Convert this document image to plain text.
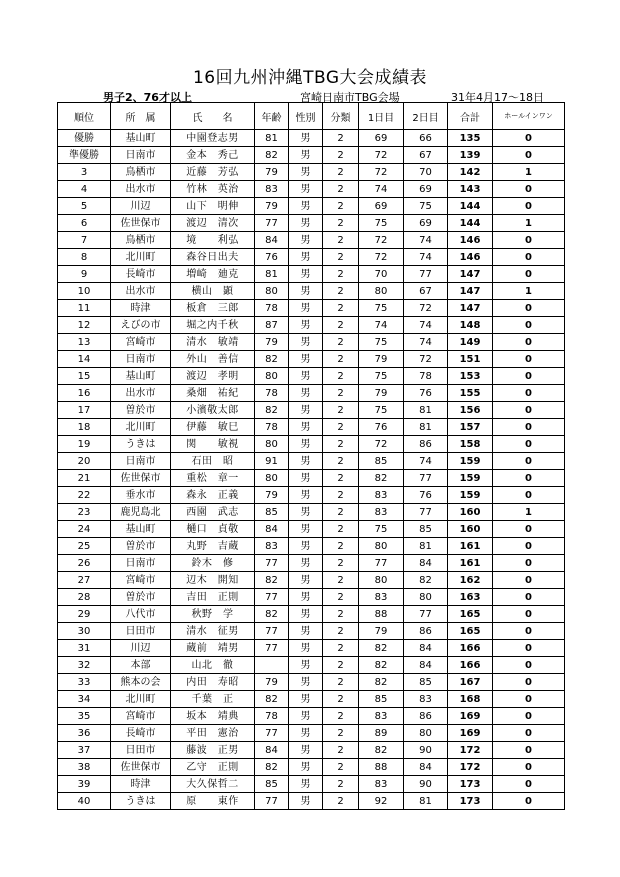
16回九州沖縄TBG大会成績表
男子2、76才以上	宮崎日南市TBG会場	31年4月17～18日
順位	所　属	氏　　名	年齢	性別	分類	1日目	2日目	合計	ホールインワン
優勝	基山町	中園登志男	81	男	2	69	66	135	0
準優勝	日南市	金本　秀己	82	男	2	72	67	139	0
3	鳥栖市	近藤　芳弘	79	男	2	72	70	142	1
4	出水市	竹林　英治	83	男	2	74	69	143	0
5	川辺	山下　明伸	79	男	2	69	75	144	0
6	佐世保市	渡辺　清次	77	男	2	75	69	144	1
7	鳥栖市	境　　利弘	84	男	2	72	74	146	0
8	北川町	森谷日出夫	76	男	2	72	74	146	0
9	長崎市	増崎　廸克	81	男	2	70	77	147	0
10	出水市	横山　顕	80	男	2	80	67	147	1
11	時津	板倉　三郎	78	男	2	75	72	147	0
12	えびの市	堀之内千秋	87	男	2	74	74	148	0
13	宮崎市	清水　敏靖	79	男	2	75	74	149	0
14	日南市	外山　善信	82	男	2	79	72	151	0
15	基山町	渡辺　孝明	80	男	2	75	78	153	0
16	出水市	桑畑　祐紀	78	男	2	79	76	155	0
17	曽於市	小濱敬太郎	82	男	2	75	81	156	0
18	北川町	伊藤　敏巳	78	男	2	76	81	157	0
19	うきは	関　　敏視	80	男	2	72	86	158	0
20	日南市	石田　昭	91	男	2	85	74	159	0
21	佐世保市	重松　章一	80	男	2	82	77	159	0
22	垂水市	森永　正義	79	男	2	83	76	159	0
23	鹿児島北	西園　武志	85	男	2	83	77	160	1
24	基山町	樋口　貞敬	84	男	2	75	85	160	0
25	曽於市	丸野　吉蔵	83	男	2	80	81	161	0
26	日南市	鈴木　修	77	男	2	77	84	161	0
27	宮崎市	辺木　開知	82	男	2	80	82	162	0
28	曽於市	吉田　正則	77	男	2	83	80	163	0
29	八代市	秋野　学	82	男	2	88	77	165	0
30	日田市	清水　征男	77	男	2	79	86	165	0
31	川辺	蔵前　靖男	77	男	2	82	84	166	0
32	本部	山北　徹		男	2	82	84	166	0
33	熊本の会	内田　寿昭	79	男	2	82	85	167	0
34	北川町	千葉　正	82	男	2	85	83	168	0
35	宮崎市	坂本　靖典	78	男	2	83	86	169	0
36	長崎市	平田　憲治	77	男	2	89	80	169	0
37	日田市	藤波　正男	84	男	2	82	90	172	0
38	佐世保市	乙守　正則	82	男	2	88	84	172	0
39	時津	大久保哲二	85	男	2	83	90	173	0
40	うきは	原　　東作	77	男	2	92	81	173	0
